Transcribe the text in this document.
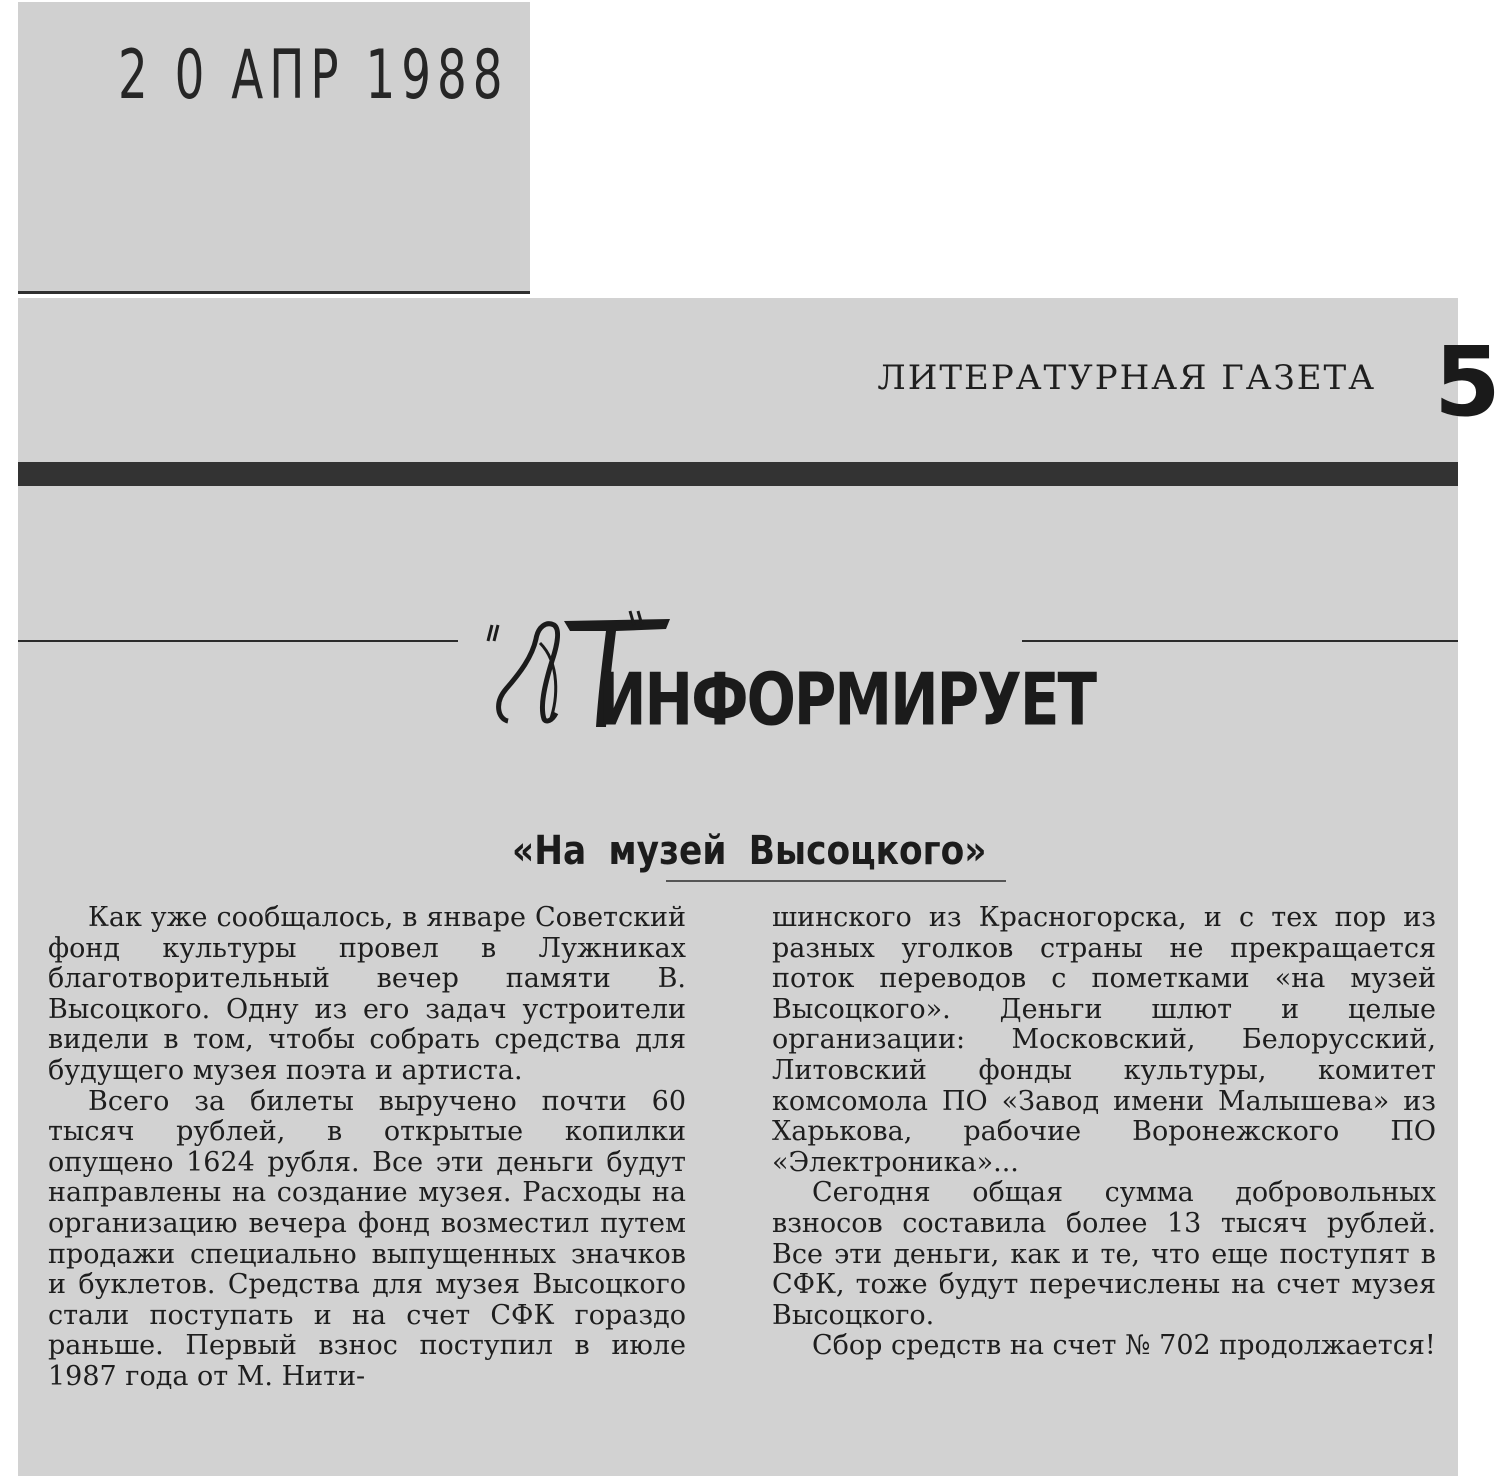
2 0 АПР 1988
ЛИТЕРАТУРНАЯ ГАЗЕТА 5
ИНФОРМИРУЕТ
«На музей Высоцкого»

Как уже сообщалось, в январе Советский фонд культуры провел в Лужниках благотворительный вечер памяти В. Высоцкого. Одну из его задач устроители видели в том, чтобы собрать средства для будущего музея поэта и артиста.

Всего за билеты выручено почти 60 тысяч рублей, в открытые копилки опущено 1624 рубля. Все эти деньги будут направлены на создание музея. Расходы на организацию вечера фонд возместил путем продажи специально выпущенных значков и буклетов. Средства для музея Высоцкого стали поступать и на счет СФК гораздо раньше. Первый взнос поступил в июле 1987 года от М. Нити-

шинского из Красногорска, и с тех пор из разных уголков страны не прекращается поток переводов с пометками «на музей Высоцкого». Деньги шлют и целые организации: Московский, Белорусский, Литовский фонды культуры, комитет комсомола ПО «Завод имени Малышева» из Харькова, рабочие Воронежского ПО «Электроника»...

Сегодня общая сумма добровольных взносов составила более 13 тысяч рублей. Все эти деньги, как и те, что еще поступят в СФК, тоже будут перечислены на счет музея Высоцкого.

Сбор средств на счет № 702 продолжается!
